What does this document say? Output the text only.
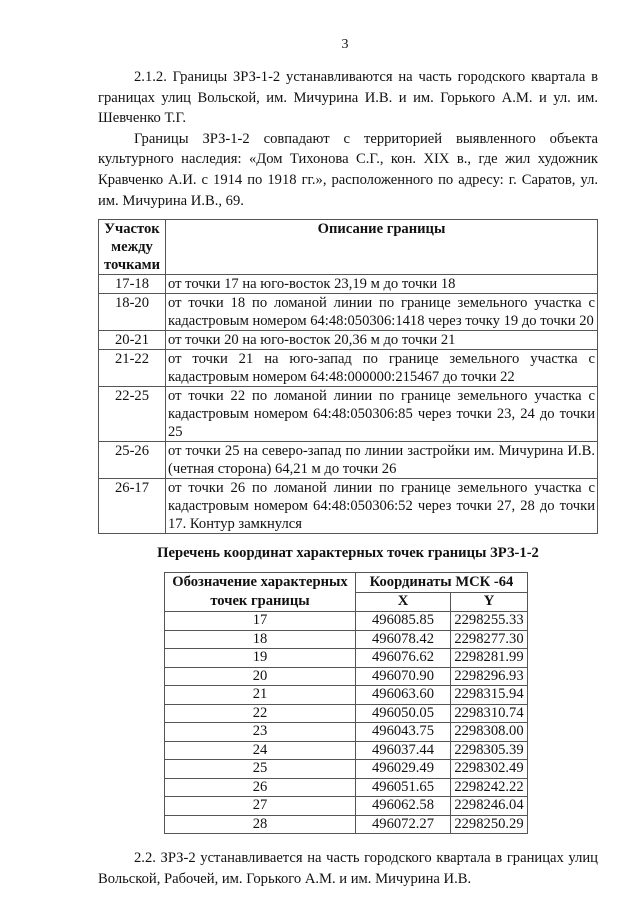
3

2.1.2. Границы ЗРЗ-1-2 устанавливаются на часть городского квартала в границах улиц Вольской, им. Мичурина И.В. и им. Горького А.М. и ул. им. Шевченко Т.Г.

Границы ЗРЗ-1-2 совпадают с территорией выявленного объекта культурного наследия: «Дом Тихонова С.Г., кон. XIX в., где жил художник Кравченко А.И. с 1914 по 1918 гг.», расположенного по адресу: г. Саратов, ул. им. Мичурина И.В., 69.

Участок между точками	Описание границы
17-18	от точки 17 на юго-восток 23,19 м до точки 18
18-20	от точки 18 по ломаной линии по границе земельного участка с кадастровым номером 64:48:050306:1418 через точку 19 до точки 20
20-21	от точки 20 на юго-восток 20,36 м до точки 21
21-22	от точки 21 на юго-запад по границе земельного участка с кадастровым номером 64:48:000000:215467 до точки 22
22-25	от точки 22 по ломаной линии по границе земельного участка с кадастровым номером 64:48:050306:85 через точки 23, 24 до точки 25
25-26	от точки 25 на северо-запад по линии застройки им. Мичурина И.В. (четная сторона) 64,21 м до точки 26
26-17	от точки 26 по ломаной линии по границе земельного участка с кадастровым номером 64:48:050306:52 через точки 27, 28 до точки 17. Контур замкнулся
Перечень координат характерных точек границы ЗРЗ-1-2
Обозначение характерных точек границы	Координаты МСК -64	
	X	Y
17	496085.85	2298255.33
18	496078.42	2298277.30
19	496076.62	2298281.99
20	496070.90	2298296.93
21	496063.60	2298315.94
22	496050.05	2298310.74
23	496043.75	2298308.00
24	496037.44	2298305.39
25	496029.49	2298302.49
26	496051.65	2298242.22
27	496062.58	2298246.04
28	496072.27	2298250.29

2.2. ЗРЗ-2 устанавливается на часть городского квартала в границах улиц Вольской, Рабочей, им. Горького А.М. и им. Мичурина И.В.
